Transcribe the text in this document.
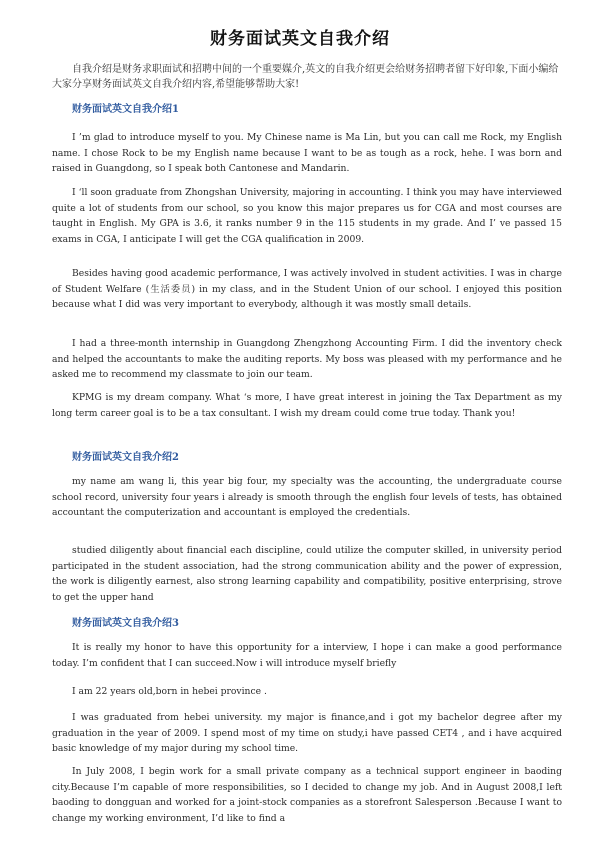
财务面试英文自我介绍
自我介绍是财务求职面试和招聘中间的一个重要媒介,英文的自我介绍更会给财务招聘者留下好印象,下面小编给大家分享财务面试英文自我介绍内容,希望能够帮助大家!
财务面试英文自我介绍1
I ’m glad to introduce myself to you. My Chinese name is Ma Lin, but you can call me Rock, my English name. I chose Rock to be my English name because I want to be as tough as a rock, hehe. I was born and raised in Guangdong, so I speak both Cantonese and Mandarin.
I ‘ll soon graduate from Zhongshan University, majoring in accounting. I think you may have interviewed quite a lot of students from our school, so you know this major prepares us for CGA and most courses are taught in English. My GPA is 3.6, it ranks number 9 in the 115 students in my grade. And I’ ve passed 15 exams in CGA, I anticipate I will get the CGA qualification in 2009.
Besides having good academic performance, I was actively involved in student activities. I was in charge of Student Welfare (生活委员) in my class, and in the Student Union of our school. I enjoyed this position because what I did was very important to everybody, although it was mostly small details.
I had a three-month internship in Guangdong Zhengzhong Accounting Firm. I did the inventory check and helped the accountants to make the auditing reports. My boss was pleased with my performance and he asked me to recommend my classmate to join our team.
KPMG is my dream company. What ‘s more, I have great interest in joining the Tax Department as my long term career goal is to be a tax consultant. I wish my dream could come true today. Thank you!
财务面试英文自我介绍2
my name am wang li, this year big four, my specialty was the accounting, the undergraduate course school record, university four years i already is smooth through the english four levels of tests, has obtained accountant the computerization and accountant is employed the credentials.
studied diligently about financial each discipline, could utilize the computer skilled, in university period participated in the student association, had the strong communication ability and the power of expression, the work is diligently earnest, also strong learning capability and compatibility, positive enterprising, strove to get the upper hand
财务面试英文自我介绍3
It is really my honor to have this opportunity for a interview, I hope i can make a good performance today. I’m confident that I can succeed.Now i will introduce myself briefly
I am 22 years old,born in hebei province .
I was graduated from hebei university. my major is finance,and i got my bachelor degree after my graduation in the year of 2009. I spend most of my time on study,i have passed CET4 , and i have acquired basic knowledge of my major during my school time.
In July 2008, I begin work for a small private company as a technical support engineer in baoding city.Because I’m capable of more responsibilities, so I decided to change my job. And in August 2008,I left baoding to dongguan and worked for a joint-stock companies as a storefront Salesperson .Because I want to change my working environment, I’d like to find a
